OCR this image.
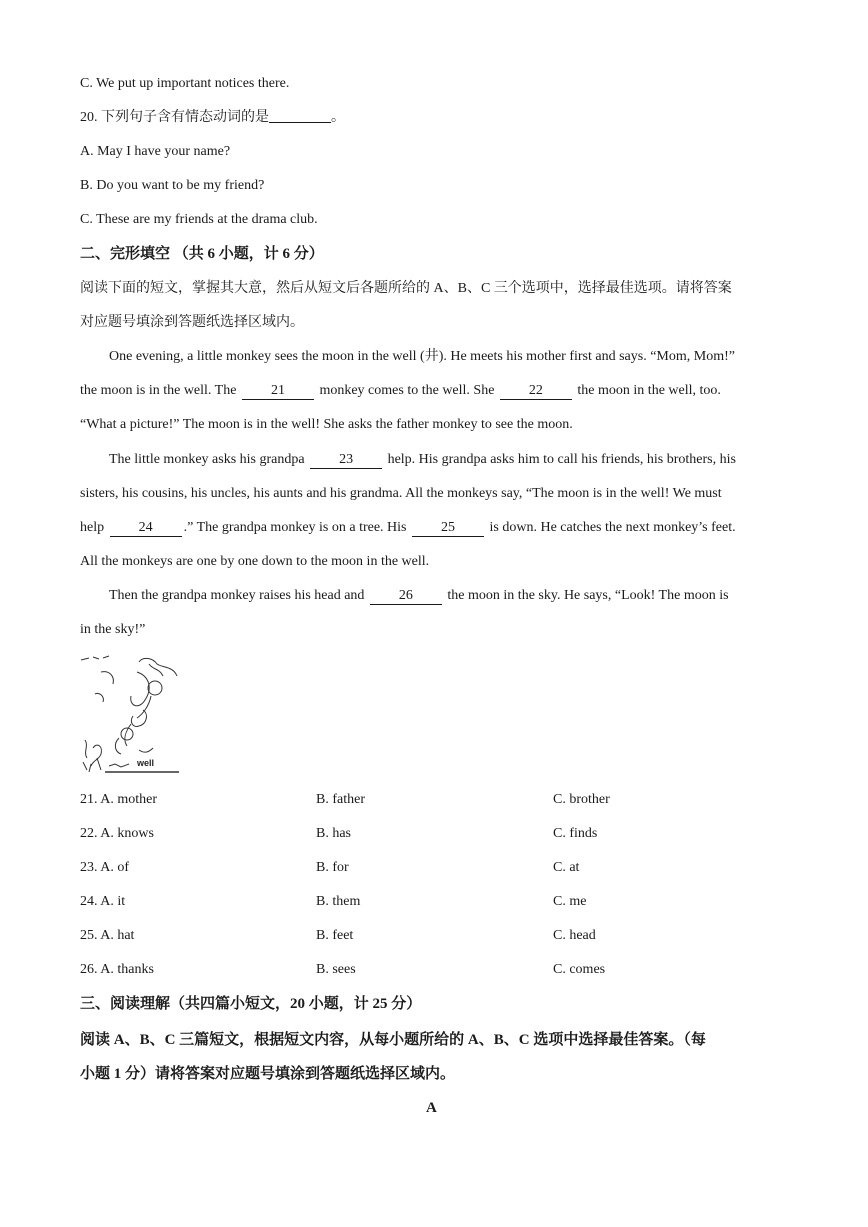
C. We put up important notices there.
20. 下列句子含有情态动词的是	。
A. May I have your name?
B. Do you want to be my friend?
C. These are my friends at the drama club.
二、完形填空 （共 6 小题，计 6 分）
阅读下面的短文，掌握其大意，然后从短文后各题所给的 A、B、C 三个选项中，选择最佳选项。请将答案
对应题号填涂到答题纸选择区域内。
One evening, a little monkey sees the moon in the well (井). He meets his mother first and says. “Mom, Mom!”
the moon is in the well. The 21 monkey comes to the well. She 22 the moon in the well, too.
“What a picture!” The moon is in the well! She asks the father monkey to see the moon.
The little monkey asks his grandpa 23 help. His grandpa asks him to call his friends, his brothers, his
sisters, his cousins, his uncles, his aunts and his grandma. All the monkeys say, “The moon is in the well! We must
help 24 .” The grandpa monkey is on a tree. His 25 is down. He catches the next monkey’s feet.
All the monkeys are one by one down to the moon in the well.
Then the grandpa monkey raises his head and 26 the moon in the sky. He says, “Look! The moon is
in the sky!”
well
21. A. mother	B. father	C. brother
22. A. knows	B. has	C. finds
23. A. of	B. for	C. at
24. A. it	B. them	C. me
25. A. hat	B. feet	C. head
26. A. thanks	B. sees	C. comes
三、阅读理解（共四篇小短文，20 小题，计 25 分）
阅读 A、B、C 三篇短文，根据短文内容，从每小题所给的 A、B、C 选项中选择最佳答案。（每
小题 1 分）请将答案对应题号填涂到答题纸选择区域内。
A
